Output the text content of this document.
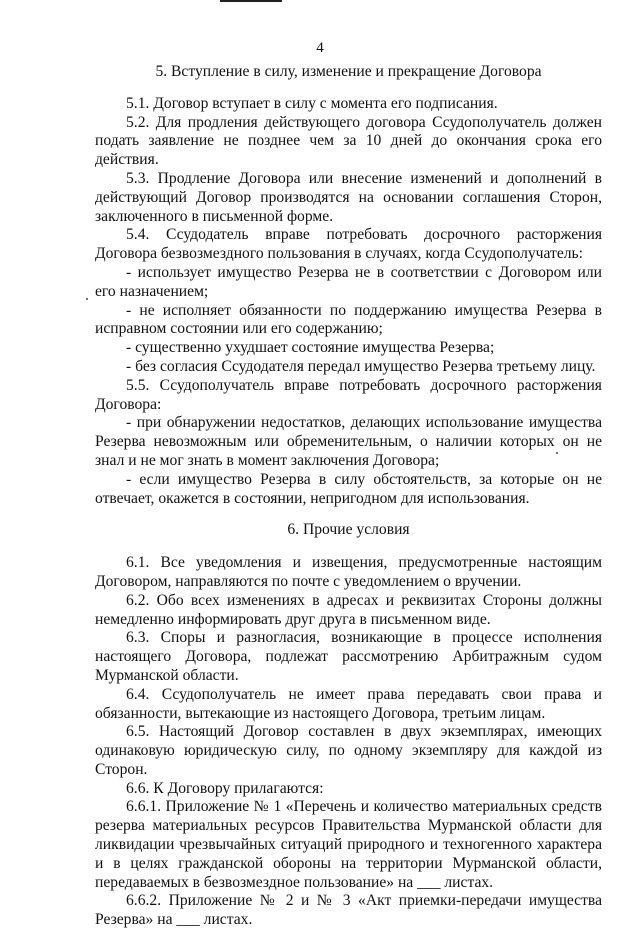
4

5. Вступление в силу, изменение и прекращение Договора

5.1. Договор вступает в силу с момента его подписания.

5.2. Для продления действующего договора Ссудополучатель должен подать заявление не позднее чем за 10 дней до окончания срока его действия.

5.3. Продление Договора или внесение изменений и дополнений в действующий Договор производятся на основании соглашения Сторон, заключенного в письменной форме.

5.4. Ссудодатель вправе потребовать досрочного расторжения Договора безвозмездного пользования в случаях, когда Ссудополучатель:

- использует имущество Резерва не в соответствии с Договором или его назначением;

- не исполняет обязанности по поддержанию имущества Резерва в исправном состоянии или его содержанию;

- существенно ухудшает состояние имущества Резерва;

- без согласия Ссудодателя передал имущество Резерва третьему лицу.

5.5. Ссудополучатель вправе потребовать досрочного расторжения Договора:

- при обнаружении недостатков, делающих использование имущества Резерва невозможным или обременительным, о наличии которых он не знал и не мог знать в момент заключения Договора;

- если имущество Резерва в силу обстоятельств, за которые он не отвечает, окажется в состоянии, непригодном для использования.

6. Прочие условия

6.1. Все уведомления и извещения, предусмотренные настоящим Договором, направляются по почте с уведомлением о вручении.

6.2. Обо всех изменениях в адресах и реквизитах Стороны должны немедленно информировать друг друга в письменном виде.

6.3. Споры и разногласия, возникающие в процессе исполнения настоящего Договора, подлежат рассмотрению Арбитражным судом Мурманской области.

6.4. Ссудополучатель не имеет права передавать свои права и обязанности, вытекающие из настоящего Договора, третьим лицам.

6.5. Настоящий Договор составлен в двух экземплярах, имеющих одинаковую юридическую силу, по одному экземпляру для каждой из Сторон.

6.6. К Договору прилагаются:

6.6.1. Приложение № 1 «Перечень и количество материальных средств резерва материальных ресурсов Правительства Мурманской области для ликвидации чрезвычайных ситуаций природного и техногенного характера и в целях гражданской обороны на территории Мурманской области, передаваемых в безвозмездное пользование» на ___ листах.

6.6.2. Приложение № 2 и № 3 «Акт приемки-передачи имущества Резерва» на ___ листах.
